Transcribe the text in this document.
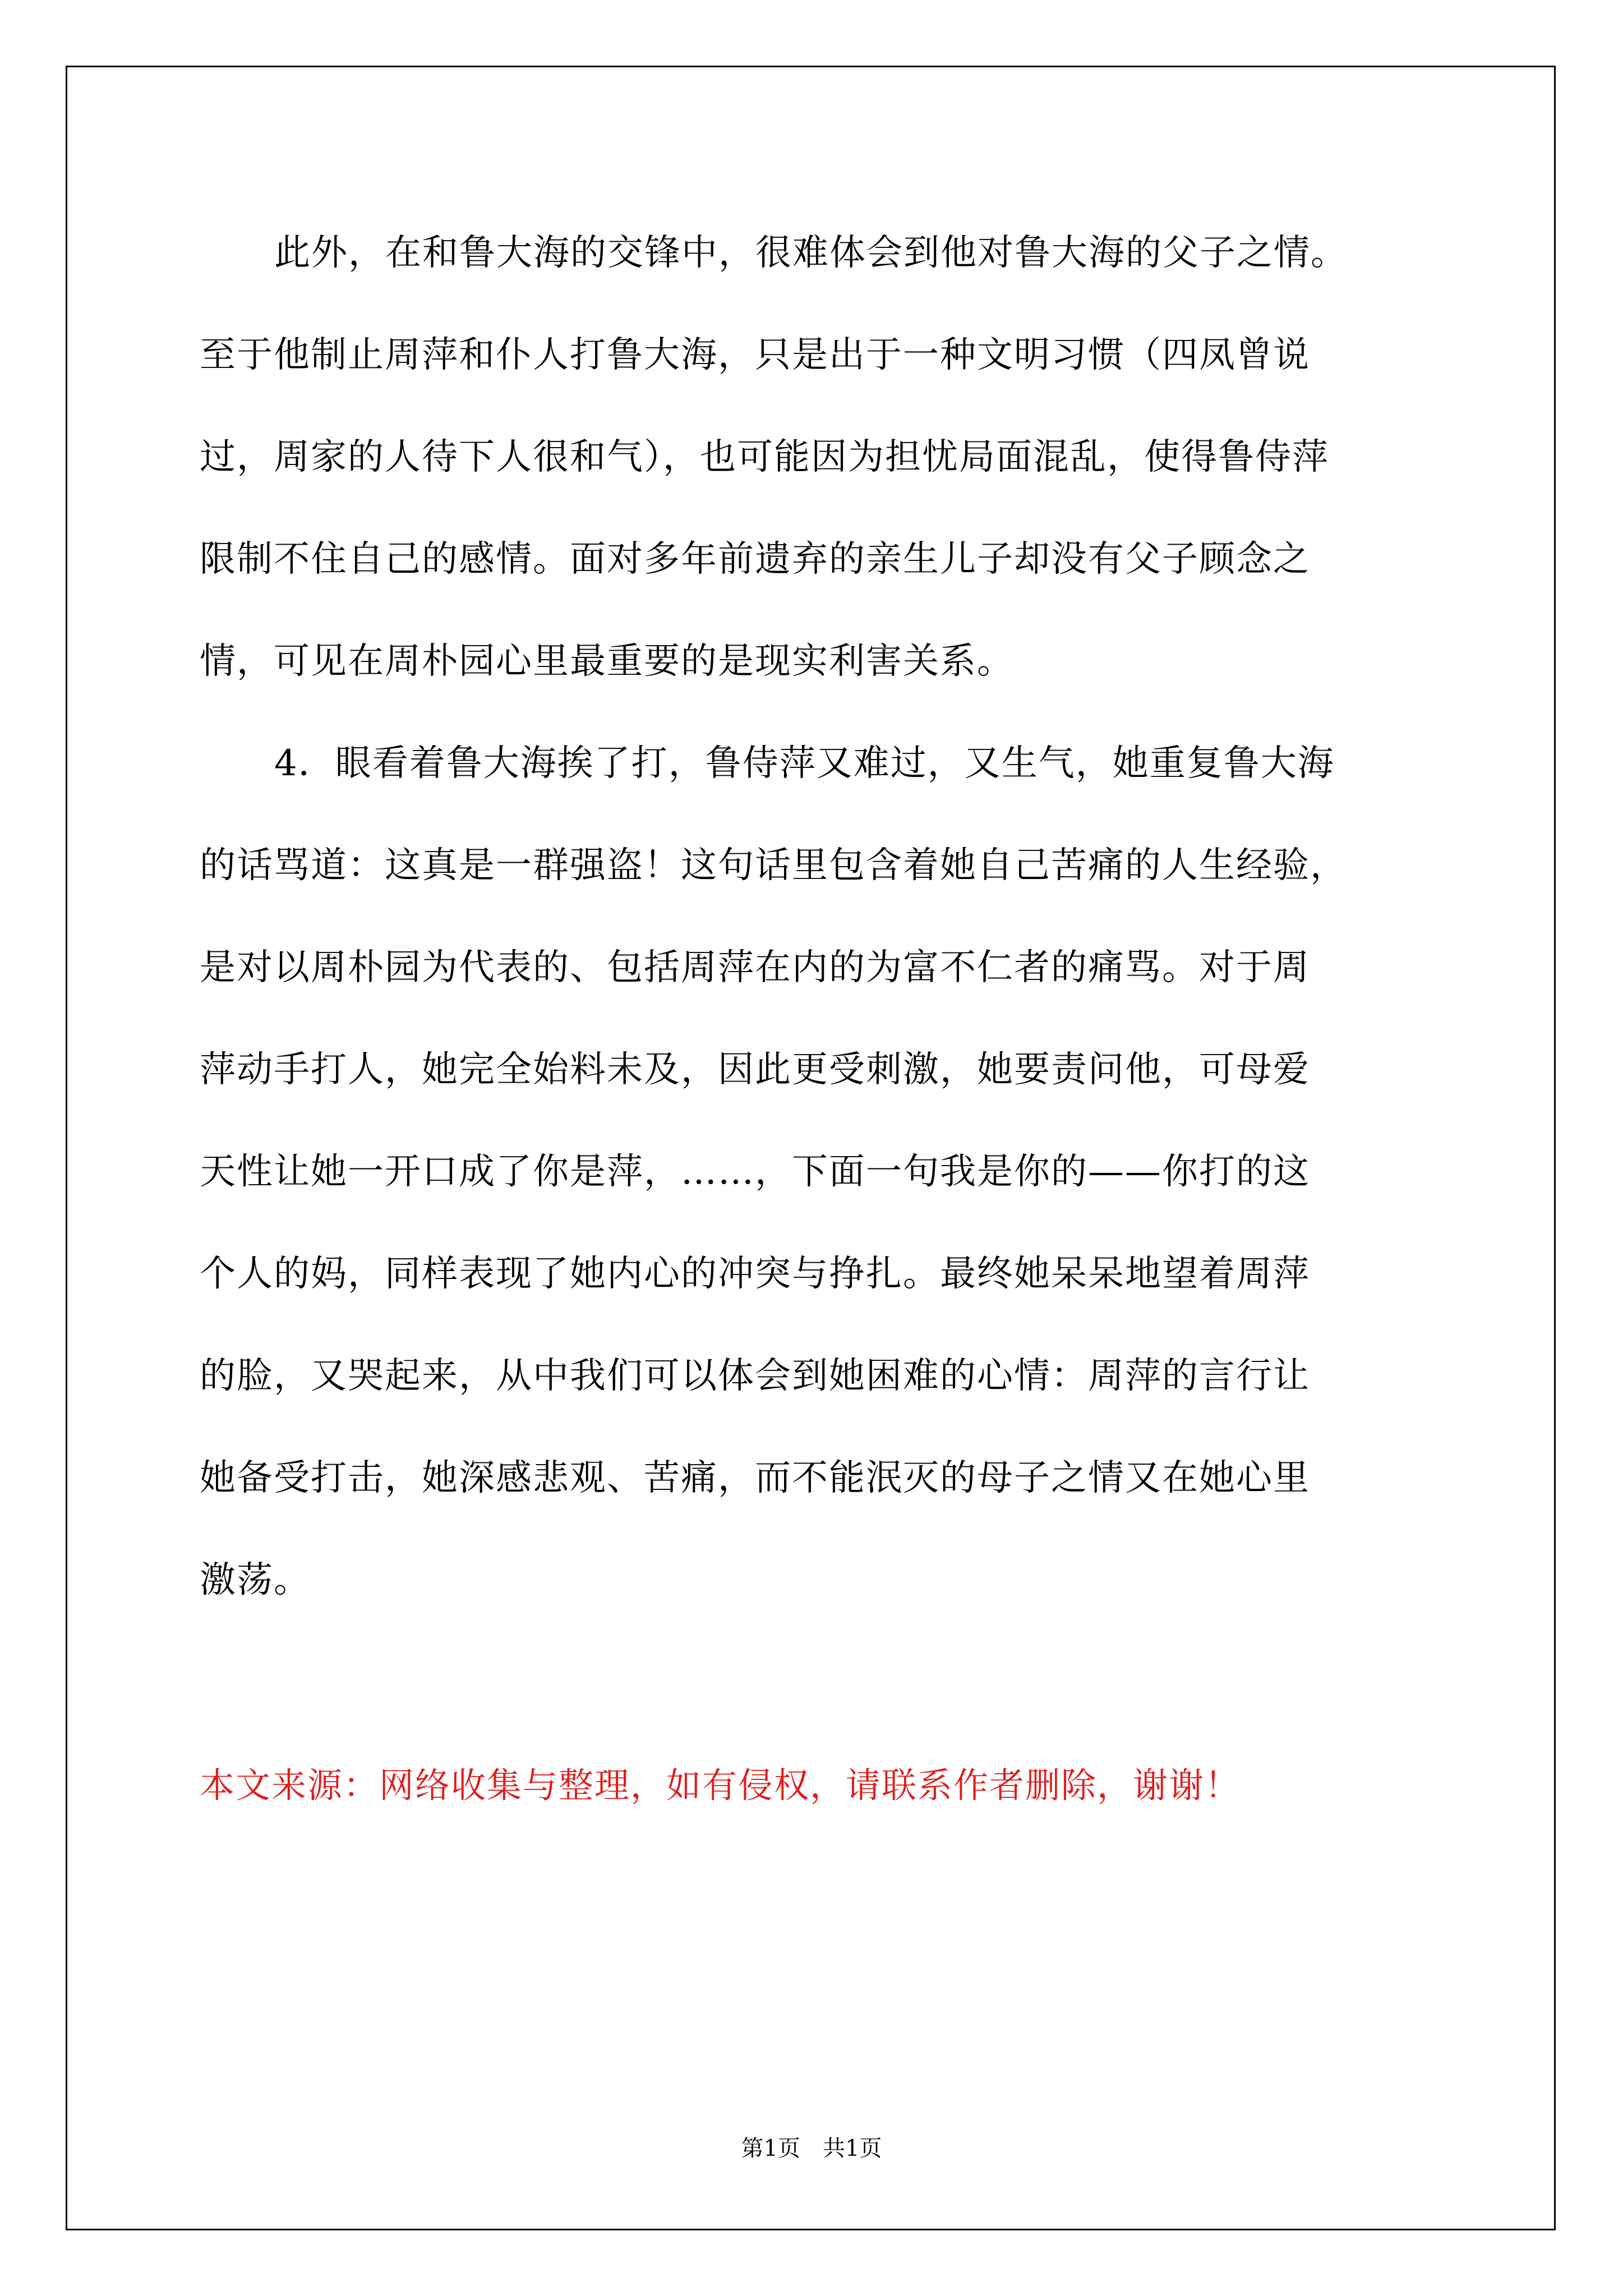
此外，在和鲁大海的交锋中，很难体会到他对鲁大海的父子之情。
至于他制止周萍和仆人打鲁大海，只是出于一种文明习惯（四凤曾说
过，周家的人待下人很和气），也可能因为担忧局面混乱，使得鲁侍萍
限制不住自己的感情。面对多年前遗弃的亲生儿子却没有父子顾念之
情，可见在周朴园心里最重要的是现实利害关系。
4．眼看着鲁大海挨了打，鲁侍萍又难过，又生气，她重复鲁大海
的话骂道：这真是一群强盗！这句话里包含着她自己苦痛的人生经验，
是对以周朴园为代表的、包括周萍在内的为富不仁者的痛骂。对于周
萍动手打人，她完全始料未及，因此更受刺激，她要责问他，可母爱
天性让她一开口成了你是萍，……，下面一句我是你的——你打的这
个人的妈，同样表现了她内心的冲突与挣扎。最终她呆呆地望着周萍
的脸，又哭起来，从中我们可以体会到她困难的心情：周萍的言行让
她备受打击，她深感悲观、苦痛，而不能泯灭的母子之情又在她心里
激荡。
本文来源：网络收集与整理，如有侵权，请联系作者删除，谢谢！
第1页 共1页
